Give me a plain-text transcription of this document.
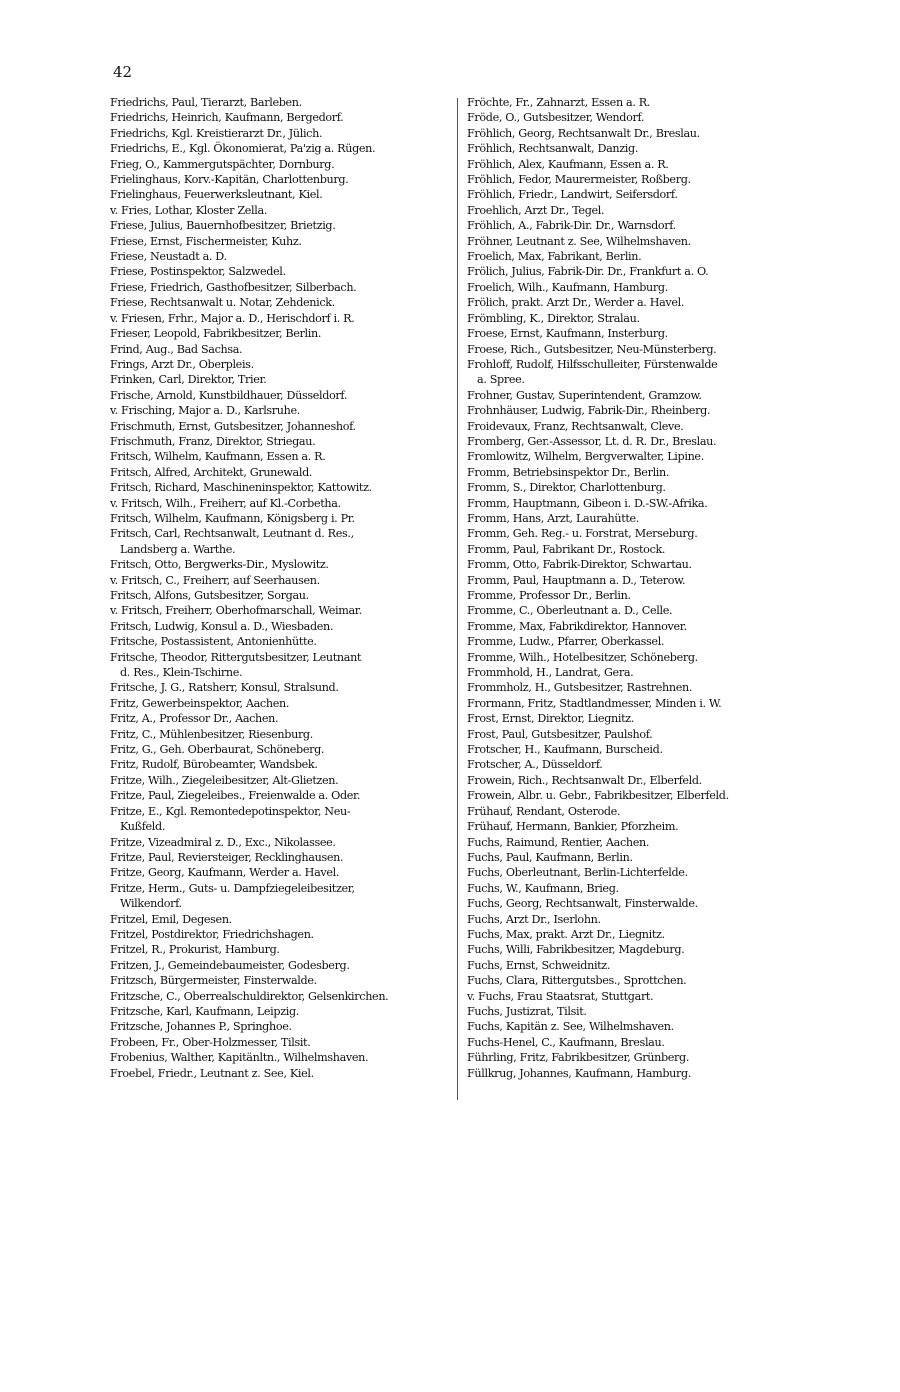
42
Friedrichs, Paul, Tierarzt, Barleben.
Friedrichs, Heinrich, Kaufmann, Bergedorf.
Friedrichs, Kgl. Kreistierarzt Dr., Jülich.
Friedrichs, E., Kgl. Ökonomierat, Pa'zig a. Rügen.
Frieg, O., Kammergutspächter, Dornburg.
Frielinghaus, Korv.-Kapitän, Charlottenburg.
Frielinghaus, Feuerwerksleutnant, Kiel.
v. Fries, Lothar, Kloster Zella.
Friese, Julius, Bauernhofbesitzer, Brietzig.
Friese, Ernst, Fischermeister, Kuhz.
Friese, Neustadt a. D.
Friese, Postinspektor, Salzwedel.
Friese, Friedrich, Gasthofbesitzer, Silberbach.
Friese, Rechtsanwalt u. Notar, Zehdenick.
v. Friesen, Frhr., Major a. D., Herischdorf i. R.
Frieser, Leopold, Fabrikbesitzer, Berlin.
Frind, Aug., Bad Sachsa.
Frings, Arzt Dr., Oberpleis.
Frinken, Carl, Direktor, Trier.
Frische, Arnold, Kunstbildhauer, Düsseldorf.
v. Frisching, Major a. D., Karlsruhe.
Frischmuth, Ernst, Gutsbesitzer, Johanneshof.
Frischmuth, Franz, Direktor, Striegau.
Fritsch, Wilhelm, Kaufmann, Essen a. R.
Fritsch, Alfred, Architekt, Grunewald.
Fritsch, Richard, Maschineninspektor, Kattowitz.
v. Fritsch, Wilh., Freiherr, auf Kl.-Corbetha.
Fritsch, Wilhelm, Kaufmann, Königsberg i. Pr.
Fritsch, Carl, Rechtsanwalt, Leutnant d. Res.,
Landsberg a. Warthe.
Fritsch, Otto, Bergwerks-Dir., Myslowitz.
v. Fritsch, C., Freiherr, auf Seerhausen.
Fritsch, Alfons, Gutsbesitzer, Sorgau.
v. Fritsch, Freiherr, Oberhofmarschall, Weimar.
Fritsch, Ludwig, Konsul a. D., Wiesbaden.
Fritsche, Postassistent, Antonienhütte.
Fritsche, Theodor, Rittergutsbesitzer, Leutnant
d. Res., Klein-Tschirne.
Fritsche, J. G., Ratsherr, Konsul, Stralsund.
Fritz, Gewerbeinspektor, Aachen.
Fritz, A., Professor Dr., Aachen.
Fritz, C., Mühlenbesitzer, Riesenburg.
Fritz, G., Geh. Oberbaurat, Schöneberg.
Fritz, Rudolf, Bürobeamter, Wandsbek.
Fritze, Wilh., Ziegeleibesitzer, Alt-Glietzen.
Fritze, Paul, Ziegeleibes., Freienwalde a. Oder.
Fritze, E., Kgl. Remontedepotinspektor, Neu-
Kußfeld.
Fritze, Vizeadmiral z. D., Exc., Nikolassee.
Fritze, Paul, Reviersteiger, Recklinghausen.
Fritze, Georg, Kaufmann, Werder a. Havel.
Fritze, Herm., Guts- u. Dampfziegeleibesitzer,
Wilkendorf.
Fritzel, Emil, Degesen.
Fritzel, Postdirektor, Friedrichshagen.
Fritzel, R., Prokurist, Hamburg.
Fritzen, J., Gemeindebaumeister, Godesberg.
Fritzsch, Bürgermeister, Finsterwalde.
Fritzsche, C., Oberrealschuldirektor, Gelsenkirchen.
Fritzsche, Karl, Kaufmann, Leipzig.
Fritzsche, Johannes P., Springhoe.
Frobeen, Fr., Ober-Holzmesser, Tilsit.
Frobenius, Walther, Kapitänltn., Wilhelmshaven.
Froebel, Friedr., Leutnant z. See, Kiel.
Fröchte, Fr., Zahnarzt, Essen a. R.
Fröde, O., Gutsbesitzer, Wendorf.
Fröhlich, Georg, Rechtsanwalt Dr., Breslau.
Fröhlich, Rechtsanwalt, Danzig.
Fröhlich, Alex, Kaufmann, Essen a. R.
Fröhlich, Fedor, Maurermeister, Roßberg.
Fröhlich, Friedr., Landwirt, Seifersdorf.
Froehlich, Arzt Dr., Tegel.
Fröhlich, A., Fabrik-Dir. Dr., Warnsdorf.
Fröhner, Leutnant z. See, Wilhelmshaven.
Froelich, Max, Fabrikant, Berlin.
Frölich, Julius, Fabrik-Dir. Dr., Frankfurt a. O.
Froelich, Wilh., Kaufmann, Hamburg.
Frölich, prakt. Arzt Dr., Werder a. Havel.
Frömbling, K., Direktor, Stralau.
Froese, Ernst, Kaufmann, Insterburg.
Froese, Rich., Gutsbesitzer, Neu-Münsterberg.
Frohloff, Rudolf, Hilfsschulleiter, Fürstenwalde
a. Spree.
Frohner, Gustav, Superintendent, Gramzow.
Frohnhäuser, Ludwig, Fabrik-Dir., Rheinberg.
Froidevaux, Franz, Rechtsanwalt, Cleve.
Fromberg, Ger.-Assessor, Lt. d. R. Dr., Breslau.
Fromlowitz, Wilhelm, Bergverwalter, Lipine.
Fromm, Betriebsinspektor Dr., Berlin.
Fromm, S., Direktor, Charlottenburg.
Fromm, Hauptmann, Gibeon i. D.-SW.-Afrika.
Fromm, Hans, Arzt, Laurahütte.
Fromm, Geh. Reg.- u. Forstrat, Merseburg.
Fromm, Paul, Fabrikant Dr., Rostock.
Fromm, Otto, Fabrik-Direktor, Schwartau.
Fromm, Paul, Hauptmann a. D., Teterow.
Fromme, Professor Dr., Berlin.
Fromme, C., Oberleutnant a. D., Celle.
Fromme, Max, Fabrikdirektor, Hannover.
Fromme, Ludw., Pfarrer, Oberkassel.
Fromme, Wilh., Hotelbesitzer, Schöneberg.
Frommhold, H., Landrat, Gera.
Frommholz, H., Gutsbesitzer, Rastrehnen.
Frormann, Fritz, Stadtlandmesser, Minden i. W.
Frost, Ernst, Direktor, Liegnitz.
Frost, Paul, Gutsbesitzer, Paulshof.
Frotscher, H., Kaufmann, Burscheid.
Frotscher, A., Düsseldorf.
Frowein, Rich., Rechtsanwalt Dr., Elberfeld.
Frowein, Albr. u. Gebr., Fabrikbesitzer, Elberfeld.
Frühauf, Rendant, Osterode.
Frühauf, Hermann, Bankier, Pforzheim.
Fuchs, Raimund, Rentier, Aachen.
Fuchs, Paul, Kaufmann, Berlin.
Fuchs, Oberleutnant, Berlin-Lichterfelde.
Fuchs, W., Kaufmann, Brieg.
Fuchs, Georg, Rechtsanwalt, Finsterwalde.
Fuchs, Arzt Dr., Iserlohn.
Fuchs, Max, prakt. Arzt Dr., Liegnitz.
Fuchs, Willi, Fabrikbesitzer, Magdeburg.
Fuchs, Ernst, Schweidnitz.
Fuchs, Clara, Rittergutsbes., Sprottchen.
v. Fuchs, Frau Staatsrat, Stuttgart.
Fuchs, Justizrat, Tilsit.
Fuchs, Kapitän z. See, Wilhelmshaven.
Fuchs-Henel, C., Kaufmann, Breslau.
Führling, Fritz, Fabrikbesitzer, Grünberg.
Füllkrug, Johannes, Kaufmann, Hamburg.
